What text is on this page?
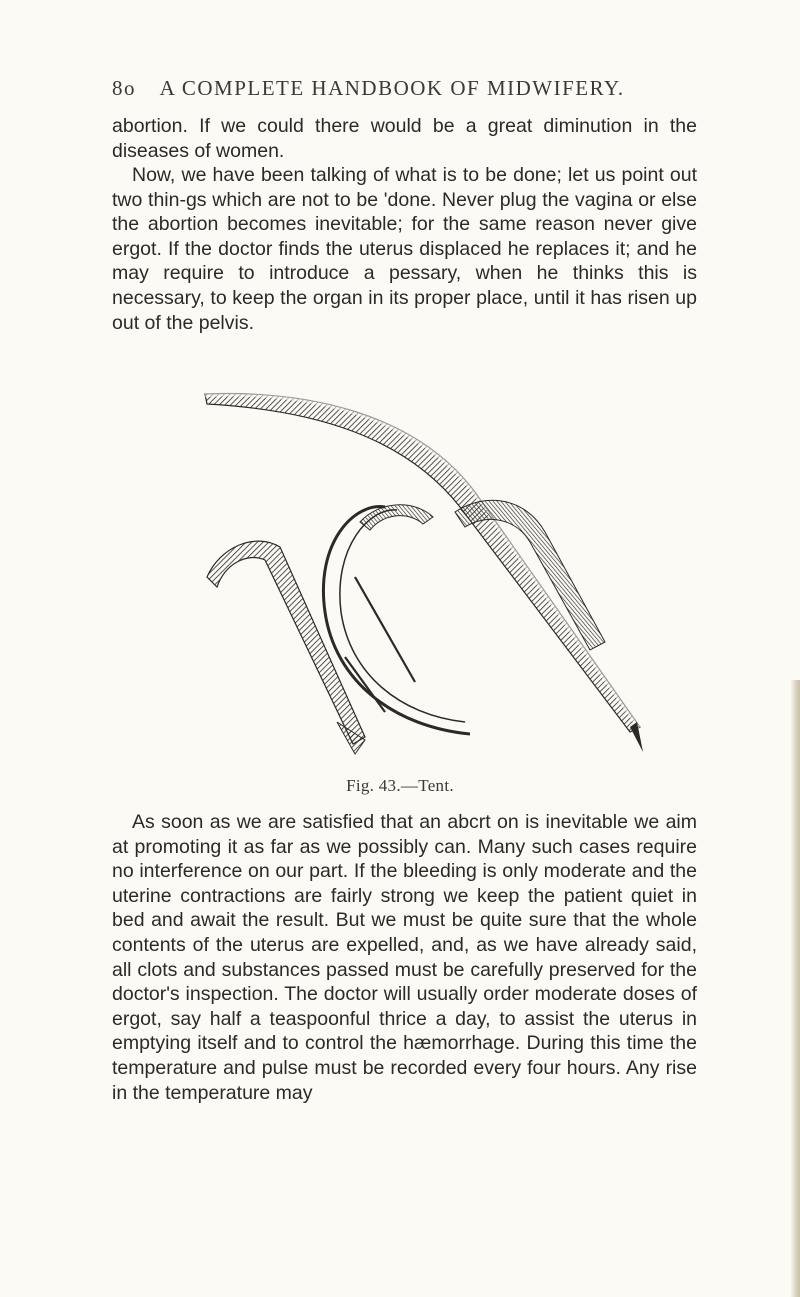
8o A COMPLETE HANDBOOK OF MIDWIFERY.

abortion. If we could there would be a great diminution in the diseases of women.

Now, we have been talking of what is to be done; let us point out two thin-gs which are not to be 'done. Never plug the vagina or else the abortion becomes inevitable; for the same reason never give ergot. If the doctor finds the uterus displaced he replaces it; and he may require to introduce a pessary, when he thinks this is necessary, to keep the organ in its proper place, until it has risen up out of the pelvis.

Fig. 43.—Tent.

As soon as we are satisfied that an abcrt on is inevitable we aim at promoting it as far as we possibly can. Many such cases require no interference on our part. If the bleeding is only moderate and the uterine contractions are fairly strong we keep the patient quiet in bed and await the result. But we must be quite sure that the whole contents of the uterus are expelled, and, as we have already said, all clots and substances passed must be carefully preserved for the doctor's inspection. The doctor will usually order moderate doses of ergot, say half a teaspoonful thrice a day, to assist the uterus in emptying itself and to control the hæmorrhage. During this time the temperature and pulse must be recorded every four hours. Any rise in the temperature may
